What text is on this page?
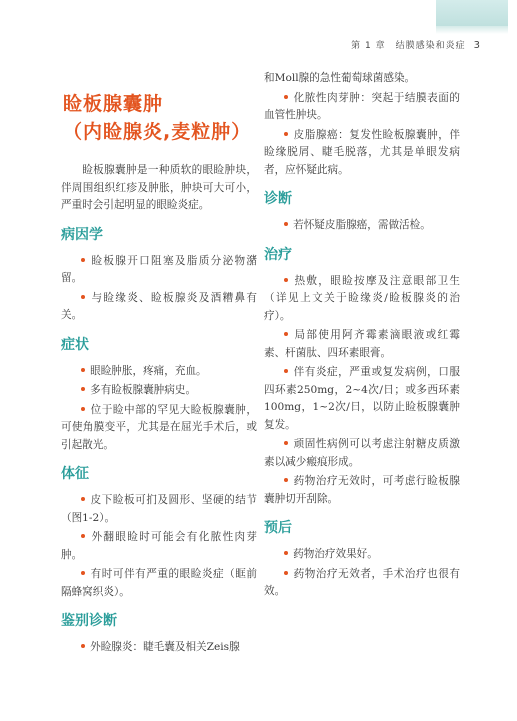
第 1 章　结膜感染和炎症 3
睑板腺囊肿
（内睑腺炎,麦粒肿）

睑板腺囊肿是一种质软的眼睑肿块，伴周围组织红疹及肿胀，肿块可大可小，严重时会引起明显的眼睑炎症。

病因学

睑板腺开口阻塞及脂质分泌物潴留。

与睑缘炎、睑板腺炎及酒糟鼻有关。

症状

眼睑肿胀，疼痛，充血。

多有睑板腺囊肿病史。

位于睑中部的罕见大睑板腺囊肿，可使角膜变平，尤其是在屈光手术后，或引起散光。

体征

皮下睑板可扪及圆形、坚硬的结节（图1-2）。

外翻眼睑时可能会有化脓性肉芽肿。

有时可伴有严重的眼睑炎症（眶前隔蜂窝织炎）。

鉴别诊断

外睑腺炎：睫毛囊及相关Zeis腺

和Moll腺的急性葡萄球菌感染。

化脓性肉芽肿：突起于结膜表面的血管性肿块。

皮脂腺癌：复发性睑板腺囊肿，伴睑缘脱屑、睫毛脱落，尤其是单眼发病者，应怀疑此病。

诊断

若怀疑皮脂腺癌，需做活检。

治疗

热敷，眼睑按摩及注意眼部卫生（详见上文关于睑缘炎/睑板腺炎的治疗）。

局部使用阿齐霉素滴眼液或红霉素、杆菌肽、四环素眼膏。

伴有炎症，严重或复发病例，口服四环素250mg，2~4次/日；或多西环素100mg，1~2次/日，以防止睑板腺囊肿复发。

顽固性病例可以考虑注射糖皮质激素以减少瘢痕形成。

药物治疗无效时，可考虑行睑板腺囊肿切开刮除。

预后

药物治疗效果好。

药物治疗无效者，手术治疗也很有效。
